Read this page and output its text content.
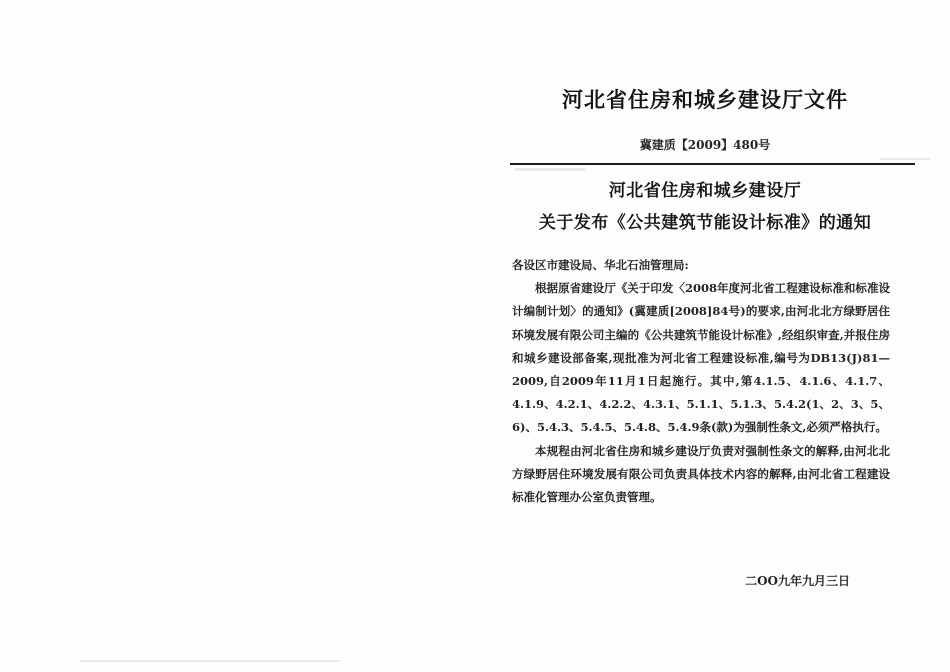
河北省住房和城乡建设厅文件
冀建质【2009】480号
河北省住房和城乡建设厅
关于发布《公共建筑节能设计标准》的通知

各设区市建设局、华北石油管理局:

根据原省建设厅《关于印发〈2008年度河北省工程建设标准和标准设计编制计划〉的通知》(冀建质[2008]84号)的要求,由河北北方绿野居住环境发展有限公司主编的《公共建筑节能设计标准》,经组织审查,并报住房和城乡建设部备案,现批准为河北省工程建设标准,编号为DB13(J)81—2009,自2009年11月1日起施行。其中,第4.1.5、4.1.6、4.1.7、4.1.9、4.2.1、4.2.2、4.3.1、5.1.1、5.1.3、5.4.2(1、2、3、5、6)、5.4.3、5.4.5、5.4.8、5.4.9条(款)为强制性条文,必须严格执行。

本规程由河北省住房和城乡建设厅负责对强制性条文的解释,由河北北方绿野居住环境发展有限公司负责具体技术内容的解释,由河北省工程建设标准化管理办公室负责管理。

二OO九年九月三日
